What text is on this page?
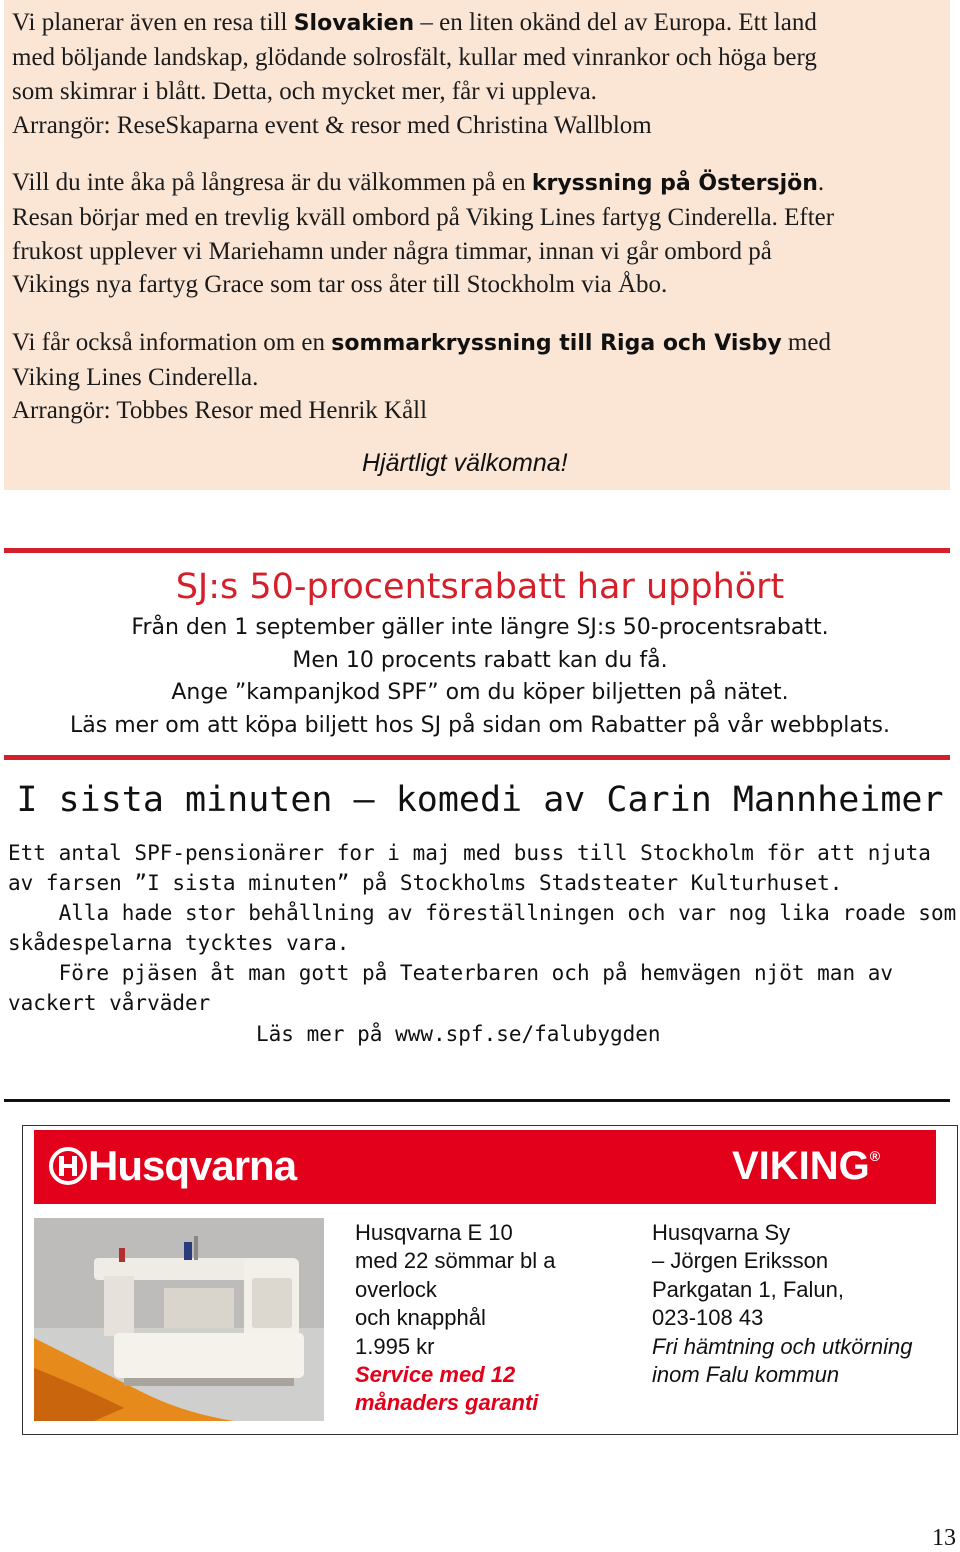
Vi planerar även en resa till Slovakien – en liten okänd del av Europa. Ett land
med böljande landskap, glödande solrosfält, kullar med vinrankor och höga berg
som skimrar i blått. Detta, och mycket mer, får vi uppleva.
Arrangör: ReseSkaparna event & resor med Christina Wallblom
Vill du inte åka på långresa är du välkommen på en kryssning på Östersjön.
Resan börjar med en trevlig kväll ombord på Viking Lines fartyg Cinderella. Efter
frukost upplever vi Mariehamn under några timmar, innan vi går ombord på
Vikings nya fartyg Grace som tar oss åter till Stockholm via Åbo.
Vi får också information om en sommarkryssning till Riga och Visby med
Viking Lines Cinderella.
Arrangör: Tobbes Resor med Henrik Kåll
Hjärtligt välkomna!
SJ:s 50-procentsrabatt har upphört
Från den 1 september gäller inte längre SJ:s 50-procentsrabatt.
Men 10 procents rabatt kan du få.
Ange ”kampanjkod SPF” om du köper biljetten på nätet.
Läs mer om att köpa biljett hos SJ på sidan om Rabatter på vår webbplats.
I sista minuten – komedi av Carin Mannheimer
Ett antal SPF-pensionärer for i maj med buss till Stockholm för att njuta
av farsen ”I sista minuten” på Stockholms Stadsteater Kulturhuset.
Alla hade stor behållning av föreställningen och var nog lika roade som
skådespelarna tycktes vara.
Före pjäsen åt man gott på Teaterbaren och på hemvägen njöt man av
vackert vårväder
Läs mer på www.spf.se/falubygden
Husqvarna	VIKING®
Husqvarna E 10
med 22 sömmar bl a
overlock
och knapphål
1.995 kr
Service med 12
månaders garanti
Husqvarna Sy
– Jörgen Eriksson
Parkgatan 1, Falun,
023-108 43
Fri hämtning och utkörning
inom Falu kommun
13
